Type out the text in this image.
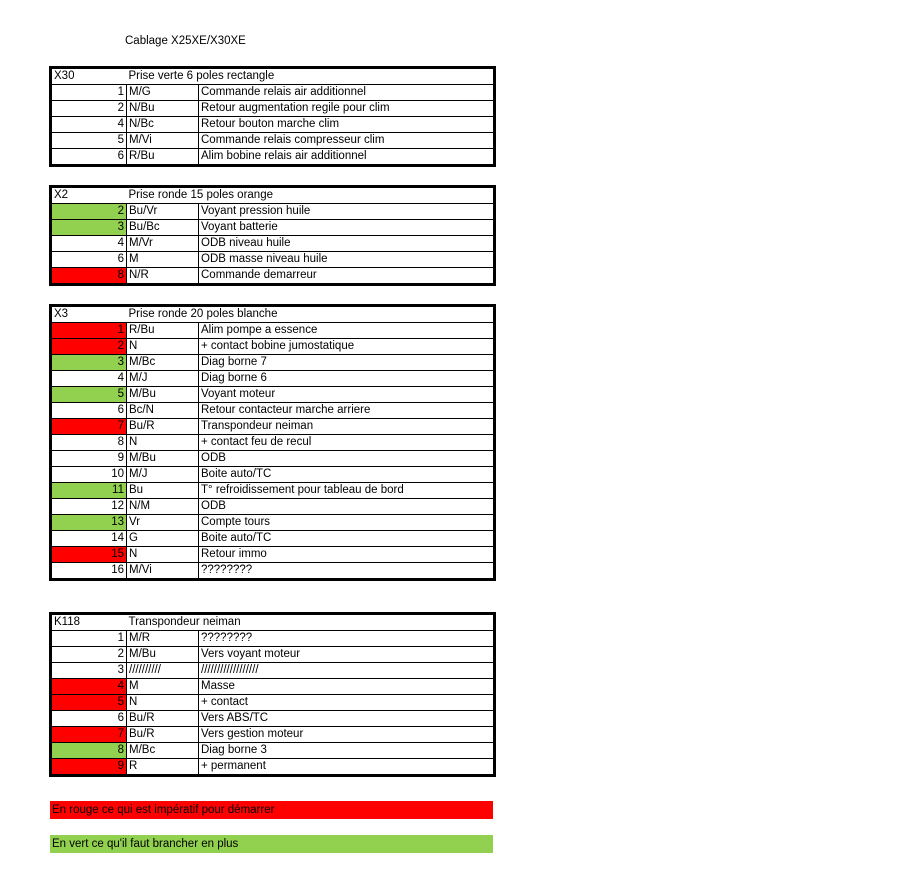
Cablage X25XE/X30XE
X30	Prise verte 6 poles rectangle	
1	M/G	Commande relais air additionnel
2	N/Bu	Retour augmentation regile pour clim
4	N/Bc	Retour bouton marche clim
5	M/Vi	Commande relais compresseur clim
6	R/Bu	Alim bobine relais air additionnel
X2	Prise ronde 15 poles orange	
2	Bu/Vr	Voyant pression huile
3	Bu/Bc	Voyant batterie
4	M/Vr	ODB niveau huile
6	M	ODB masse niveau huile
8	N/R	Commande demarreur
X3	Prise ronde 20 poles blanche	
1	R/Bu	Alim pompe a essence
2	N	+ contact bobine jumostatique
3	M/Bc	Diag borne 7
4	M/J	Diag borne 6
5	M/Bu	Voyant moteur
6	Bc/N	Retour contacteur marche arriere
7	Bu/R	Transpondeur neiman
8	N	+ contact feu de recul
9	M/Bu	ODB
10	M/J	Boite auto/TC
11	Bu	T° refroidissement pour tableau de bord
12	N/M	ODB
13	Vr	Compte tours
14	G	Boite auto/TC
15	N	Retour immo
16	M/Vi	????????
K118	Transpondeur neiman	
1	M/R	????????
2	M/Bu	Vers voyant moteur
3	//////////	//////////////////
4	M	Masse
5	N	+ contact
6	Bu/R	Vers ABS/TC
7	Bu/R	Vers gestion moteur
8	M/Bc	Diag borne 3
9	R	+ permanent
En rouge ce qui est impératif pour démarrer
En vert ce qu'il faut brancher en plus
